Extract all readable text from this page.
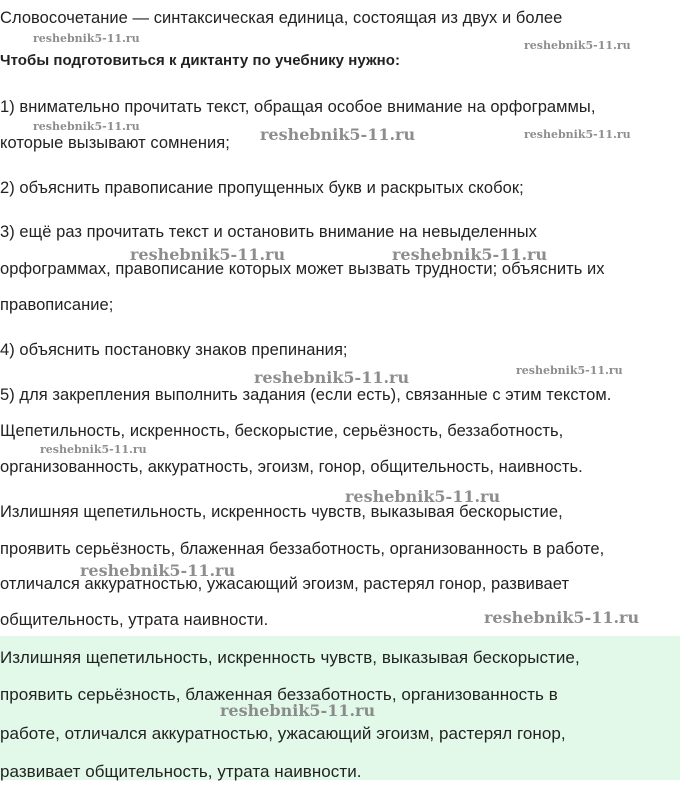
Словосочетание — синтаксическая единица, состоящая из двух и более
Чтобы подготовиться к диктанту по учебнику нужно:
1) внимательно прочитать текст, обращая особое внимание на орфограммы,
которые вызывают сомнения;
2) объяснить правописание пропущенных букв и раскрытых скобок;
3) ещё раз прочитать текст и остановить внимание на невыделенных
орфограммах, правописание которых может вызвать трудности; объяснить их
правописание;
4) объяснить постановку знаков препинания;
5) для закрепления выполнить задания (если есть), связанные с этим текстом.
Щепетильность, искренность, бескорыстие, серьёзность, беззаботность,
организованность, аккуратность, эгоизм, гонор, общительность, наивность.
Излишняя щепетильность, искренность чувств, выказывая бескорыстие,
проявить серьёзность, блаженная беззаботность, организованность в работе,
отличался аккуратностью, ужасающий эгоизм, растерял гонор, развивает
общительность, утрата наивности.
Излишняя щепетильность, искренность чувств, выказывая бескорыстие,
проявить серьёзность, блаженная беззаботность, организованность в
работе, отличался аккуратностью, ужасающий эгоизм, растерял гонор,
развивает общительность, утрата наивности.
reshebnik5-11.ru
reshebnik5-11.ru
reshebnik5-11.ru	reshebnik5-11.ru	reshebnik5-11.ru
reshebnik5-11.ru	reshebnik5-11.ru
reshebnik5-11.ru
reshebnik5-11.ru
reshebnik5-11.ru
reshebnik5-11.ru
reshebnik5-11.ru
reshebnik5-11.ru
reshebnik5-11.ru
